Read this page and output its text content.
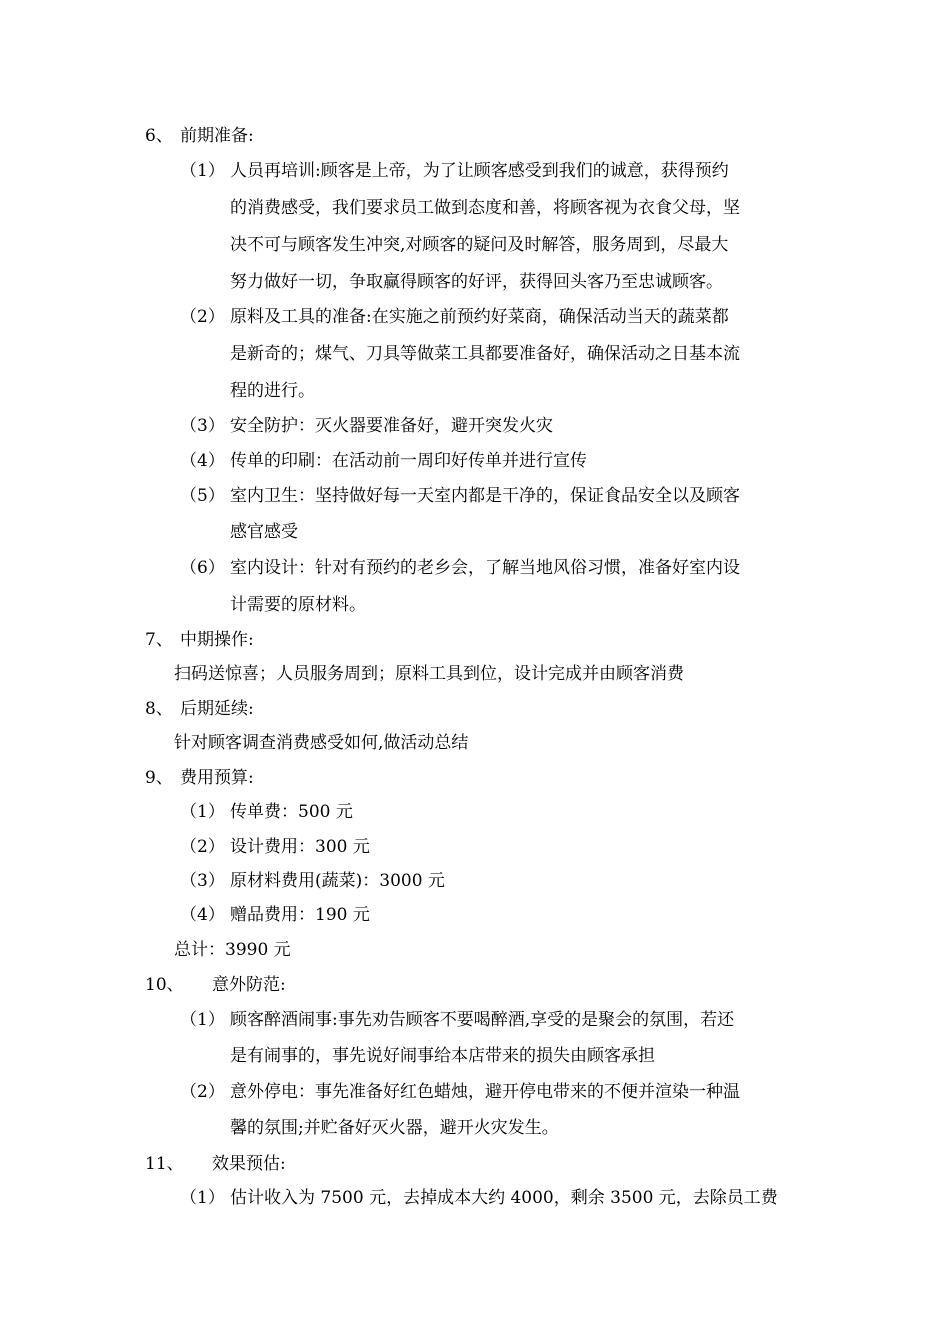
6、 前期准备:
（1） 人员再培训:顾客是上帝，为了让顾客感受到我们的诚意，获得预约
的消费感受，我们要求员工做到态度和善，将顾客视为衣食父母，坚
决不可与顾客发生冲突,对顾客的疑问及时解答，服务周到，尽最大
努力做好一切，争取赢得顾客的好评，获得回头客乃至忠诚顾客。
（2） 原料及工具的准备:在实施之前预约好菜商，确保活动当天的蔬菜都
是新奇的；煤气、刀具等做菜工具都要准备好，确保活动之日基本流
程的进行。
（3） 安全防护：灭火器要准备好，避开突发火灾
（4） 传单的印刷：在活动前一周印好传单并进行宣传
（5） 室内卫生：坚持做好每一天室内都是干净的，保证食品安全以及顾客
感官感受
（6） 室内设计：针对有预约的老乡会，了解当地风俗习惯，准备好室内设
计需要的原材料。
7、 中期操作:
扫码送惊喜；人员服务周到；原料工具到位，设计完成并由顾客消费
8、 后期延续:
针对顾客调查消费感受如何,做活动总结
9、 费用预算:
（1） 传单费：500 元
（2） 设计费用：300 元
（3） 原材料费用(蔬菜)：3000 元
（4） 赠品费用：190 元
总计：3990 元
10、 意外防范:
（1） 顾客醉酒闹事:事先劝告顾客不要喝醉酒,享受的是聚会的氛围，若还
是有闹事的，事先说好闹事给本店带来的损失由顾客承担
（2） 意外停电：事先准备好红色蜡烛，避开停电带来的不便并渲染一种温
馨的氛围;并贮备好灭火器，避开火灾发生。
11、 效果预估:
（1） 估计收入为 7500 元，去掉成本大约 4000，剩余 3500 元，去除员工费
